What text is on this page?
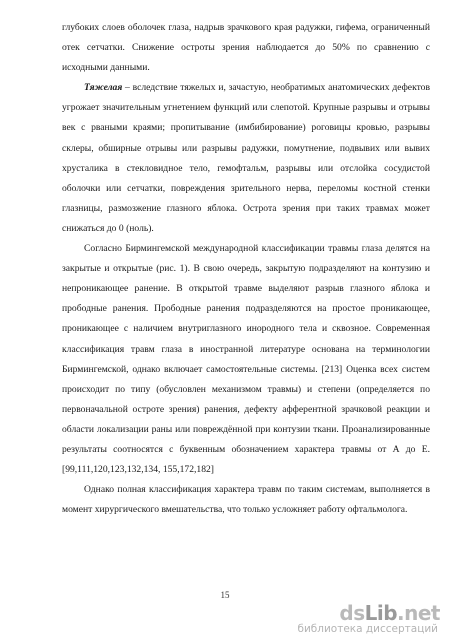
глубоких слоев оболочек глаза, надрыв зрачкового края радужки, гифема, ограниченный отек сетчатки. Снижение остроты зрения наблюдается до 50% по сравнению с исходными данными.

Тяжелая – вследствие тяжелых и, зачастую, необратимых анатомических дефектов угрожает значительным угнетением функций или слепотой. Крупные разрывы и отрывы век с рваными краями; пропитывание (имбибирование) роговицы кровью, разрывы склеры, обширные отрывы или разрывы радужки, помутнение, подвывих или вывих хрусталика в стекловидное тело, гемофтальм, разрывы или отслойка сосудистой оболочки или сетчатки, повреждения зрительного нерва, переломы костной стенки глазницы, размозжение глазного яблока. Острота зрения при таких травмах может снижаться до 0 (ноль).

Согласно Бирмингемской международной классификации травмы глаза делятся на закрытые и открытые (рис. 1). В свою очередь, закрытую подразделяют на контузию и непроникающее ранение. В открытой травме выделяют разрыв глазного яблока и прободные ранения. Прободные ранения подразделяются на простое проникающее, проникающее с наличием внутриглазного инородного тела и сквозное. Современная классификация травм глаза в иностранной литературе основана на терминологии Бирмингемской, однако включает самостоятельные системы. [213] Оценка всех систем происходит по типу (обусловлен механизмом травмы) и степени (определяется по первоначальной остроте зрения) ранения, дефекту афферентной зрачковой реакции и области локализации раны или повреждённой при контузии ткани. Проанализированные результаты соотносятся с буквенным обозначением характера травмы от А до Е. [99,111,120,123,132,134, 155,172,182]

Однако полная классификация характера травм по таким системам, выполняется в момент хирургического вмешательства, что только усложняет работу офтальмолога.

15
dsLib.net
библиотека диссертаций
